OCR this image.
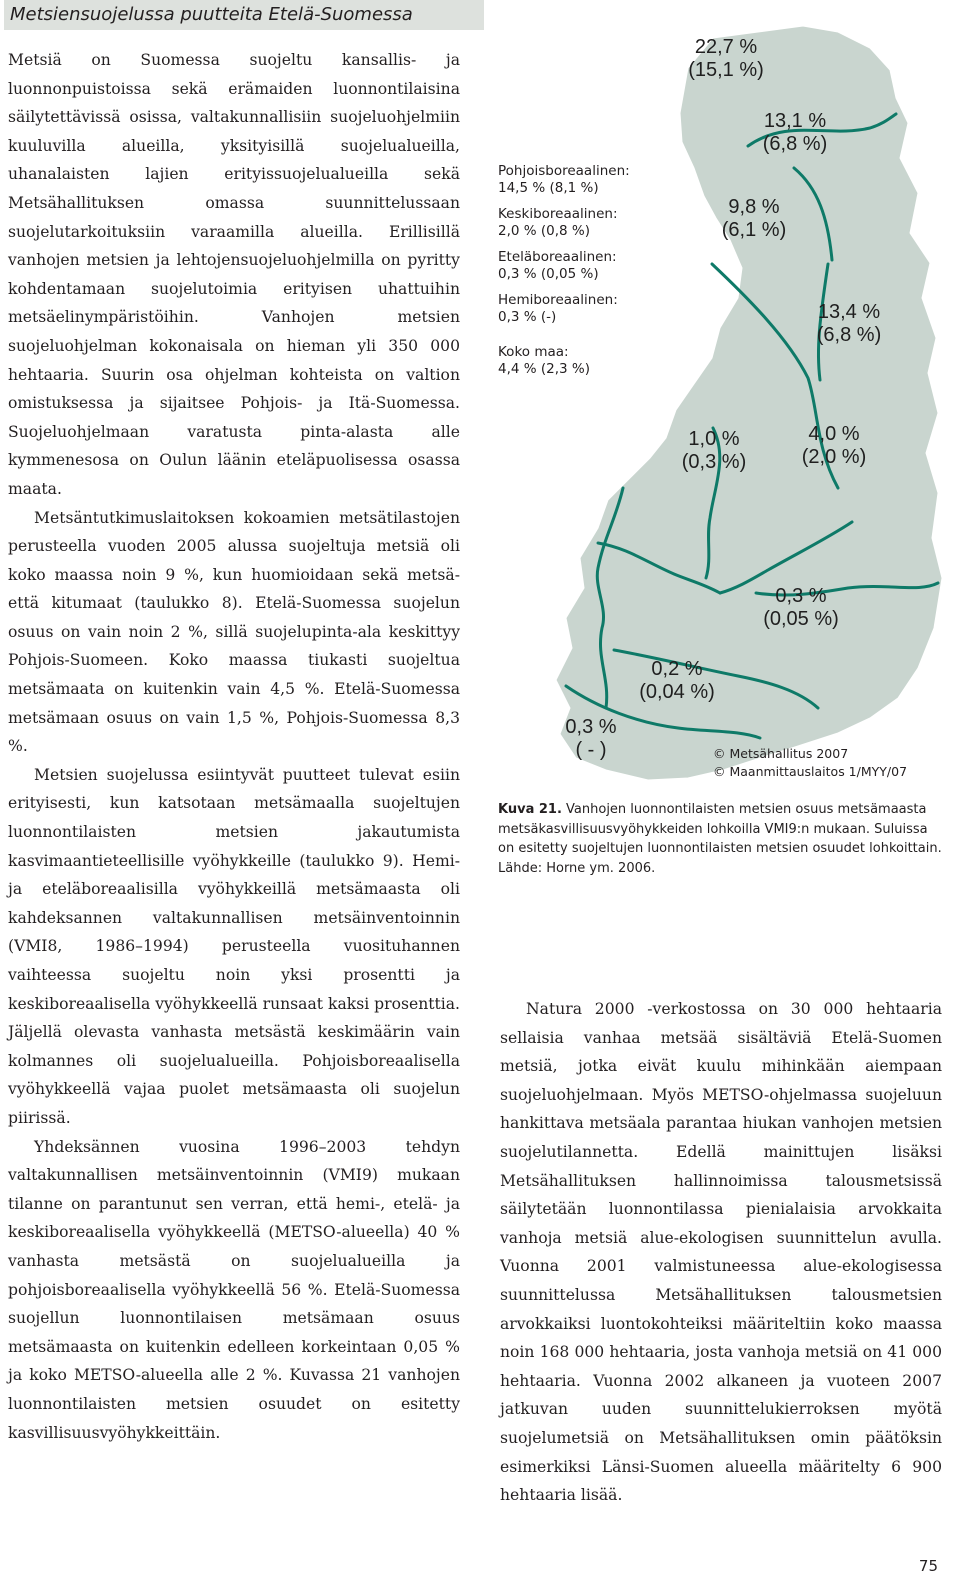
Metsiensuojelussa puutteita Etelä-Suomessa

Metsiä on Suomessa suojeltu kansallis- ja luonnonpuistoissa sekä erämaiden luonnontilaisina säilytettävissä osissa, valtakunnallisiin suojeluohjelmiin kuuluvilla alueilla, yksityisillä suojelualueilla, uhanalaisten lajien erityissuojelualueilla sekä Metsähallituksen omassa suunnittelussaan suojelutarkoituksiin varaamilla alueilla. Erillisillä vanhojen metsien ja lehtojensuojeluohjelmilla on pyritty kohdentamaan suojelutoimia erityisen uhattuihin metsäelinympäristöihin. Vanhojen metsien suojeluohjelman kokonaisala on hieman yli 350 000 hehtaaria. Suurin osa ohjelman kohteista on valtion omistuksessa ja sijaitsee Pohjois- ja Itä-Suomessa. Suojeluohjelmaan varatusta pinta-alasta alle kymmenesosa on Oulun läänin eteläpuolisessa osassa maata.

Metsäntutkimuslaitoksen kokoamien metsätilastojen perusteella vuoden 2005 alussa suojeltuja metsiä oli koko maassa noin 9 %, kun huomioidaan sekä metsä- että kitumaat (taulukko 8). Etelä-Suomessa suojelun osuus on vain noin 2 %, sillä suojelupinta-ala keskittyy Pohjois-Suomeen. Koko maassa tiukasti suojeltua metsämaata on kuitenkin vain 4,5 %. Etelä-Suomessa metsämaan osuus on vain 1,5 %, Pohjois-Suomessa 8,3 %.

Metsien suojelussa esiintyvät puutteet tulevat esiin erityisesti, kun katsotaan metsämaalla suojeltujen luonnontilaisten metsien jakautumista kasvimaantieteellisille vyöhykkeille (taulukko 9). Hemi- ja eteläboreaalisilla vyöhykkeillä metsämaasta oli kahdeksannen valtakunnallisen metsäinventoinnin (VMI8, 1986–1994) perusteella vuosituhannen vaihteessa suojeltu noin yksi prosentti ja keskiboreaalisella vyöhykkeellä runsaat kaksi prosenttia. Jäljellä olevasta vanhasta metsästä keskimäärin vain kolmannes oli suojelualueilla. Pohjoisboreaalisella vyöhykkeellä vajaa puolet metsämaasta oli suojelun piirissä.

Yhdeksännen vuosina 1996–2003 tehdyn valtakunnallisen metsäinventoinnin (VMI9) mukaan tilanne on parantunut sen verran, että hemi-, etelä- ja keskiboreaalisella vyöhykkeellä (METSO-alueella) 40 % vanhasta metsästä on suojelualueilla ja pohjoisboreaalisella vyöhykkeellä 56 %. Etelä-Suomessa suojellun luonnontilaisen metsämaan osuus metsämaasta on kuitenkin edelleen korkeintaan 0,05 % ja koko METSO-alueella alle 2 %. Kuvassa 21 vanhojen luonnontilaisten metsien osuudet on esitetty kasvillisuusvyöhykkeittäin.

22,7 %
(15,1 %)
13,1 %
(6,8 %)
9,8 %
(6,1 %)
13,4 %
(6,8 %)
1,0 %
(0,3 %)
4,0 %
(2,0 %)
0,3 %
(0,05 %)
0,2 %
(0,04 %)
0,3 %
( - )
Pohjoisboreaalinen:
14,5 % (8,1 %)
Keskiboreaalinen:
2,0 % (0,8 %)
Eteläboreaalinen:
0,3 % (0,05 %)
Hemiboreaalinen:
0,3 % (-)
Koko maa:
4,4 % (2,3 %)
© Metsähallitus 2007
© Maanmittauslaitos 1/MYY/07
Kuva 21. Vanhojen luonnontilaisten metsien osuus metsämaasta metsäkasvillisuusvyöhykkeiden lohkoilla VMI9:n mukaan. Suluissa on esitetty suojeltujen luonnontilaisten metsien osuudet lohkoittain. Lähde: Horne ym. 2006.

Natura 2000 -verkostossa on 30 000 hehtaaria sellaisia vanhaa metsää sisältäviä Etelä-Suomen metsiä, jotka eivät kuulu mihinkään aiempaan suojeluohjelmaan. Myös METSO-ohjelmassa suojeluun hankittava metsäala parantaa hiukan vanhojen metsien suojelutilannetta. Edellä mainittujen lisäksi Metsähallituksen hallinnoimissa talousmetsissä säilytetään luonnontilassa pienialaisia arvokkaita vanhoja metsiä alue-ekologisen suunnittelun avulla. Vuonna 2001 valmistuneessa alue-ekologisessa suunnittelussa Metsähallituksen talousmetsien arvokkaiksi luontokohteiksi määriteltiin koko maassa noin 168 000 hehtaaria, josta vanhoja metsiä on 41 000 hehtaaria. Vuonna 2002 alkaneen ja vuoteen 2007 jatkuvan uuden suunnittelukierroksen myötä suojelumetsiä on Metsähallituksen omin päätöksin esimerkiksi Länsi-Suomen alueella määritelty 6 900 hehtaaria lisää.

75
